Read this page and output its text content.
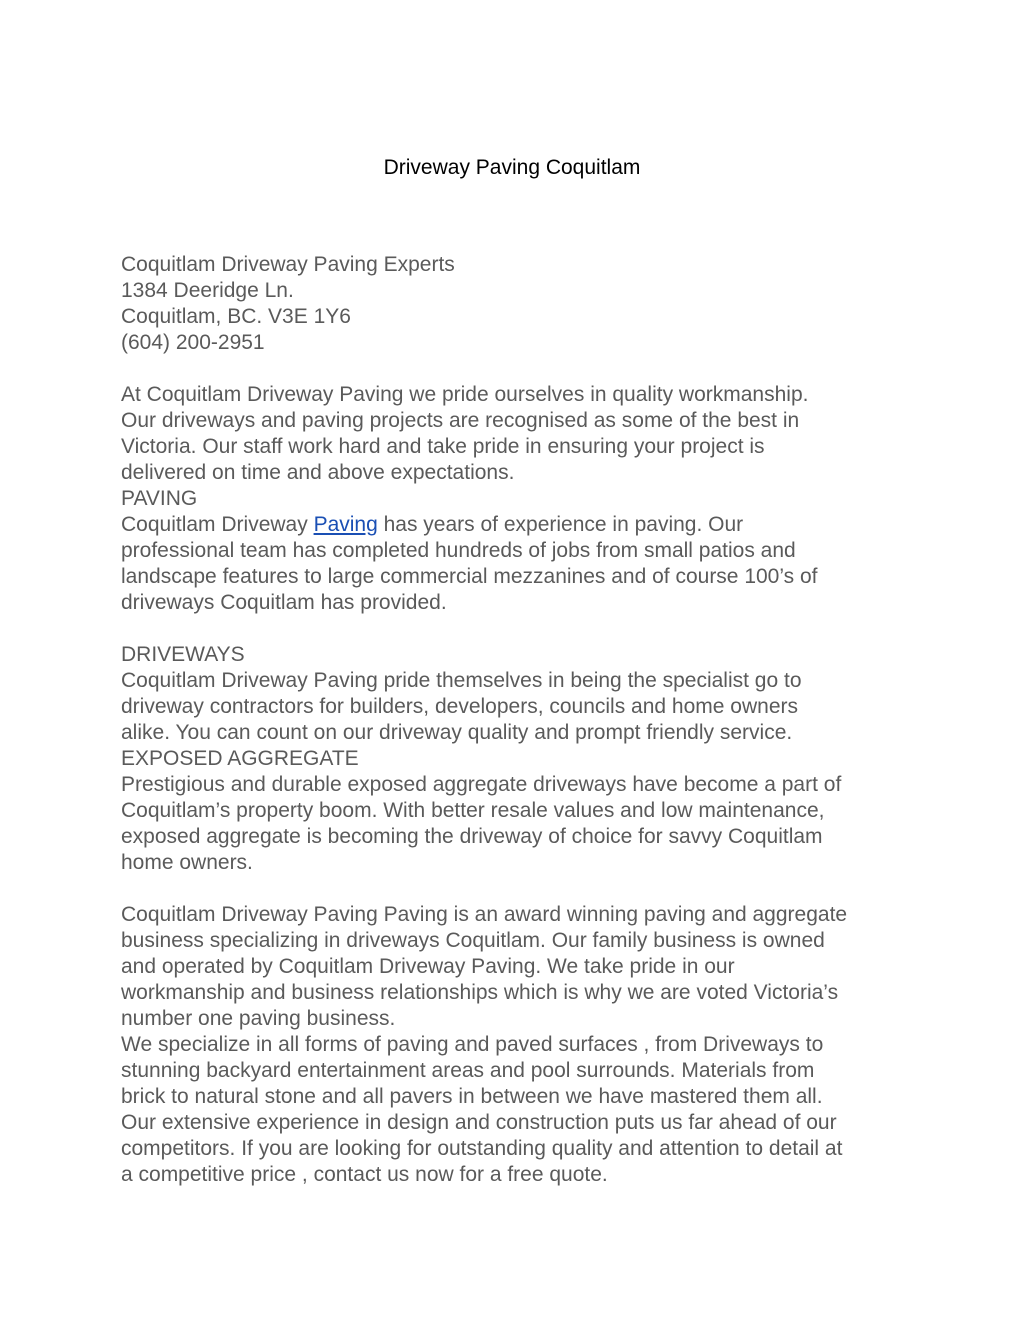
Driveway Paving Coquitlam
Coquitlam Driveway Paving Experts
1384 Deeridge Ln.
Coquitlam, BC. V3E 1Y6
(604) 200-2951
At Coquitlam Driveway Paving we pride ourselves in quality workmanship.
Our driveways and paving projects are recognised as some of the best in
Victoria. Our staff work hard and take pride in ensuring your project is
delivered on time and above expectations.
PAVING
Coquitlam Driveway Paving has years of experience in paving. Our
professional team has completed hundreds of jobs from small patios and
landscape features to large commercial mezzanines and of course 100’s of
driveways Coquitlam has provided.
DRIVEWAYS
Coquitlam Driveway Paving pride themselves in being the specialist go to
driveway contractors for builders, developers, councils and home owners
alike. You can count on our driveway quality and prompt friendly service.
EXPOSED AGGREGATE
Prestigious and durable exposed aggregate driveways have become a part of
Coquitlam’s property boom. With better resale values and low maintenance,
exposed aggregate is becoming the driveway of choice for savvy Coquitlam
home owners.
Coquitlam Driveway Paving Paving is an award winning paving and aggregate
business specializing in driveways Coquitlam. Our family business is owned
and operated by Coquitlam Driveway Paving. We take pride in our
workmanship and business relationships which is why we are voted Victoria’s
number one paving business.
We specialize in all forms of paving and paved surfaces , from Driveways to
stunning backyard entertainment areas and pool surrounds. Materials from
brick to natural stone and all pavers in between we have mastered them all.
Our extensive experience in design and construction puts us far ahead of our
competitors. If you are looking for outstanding quality and attention to detail at
a competitive price , contact us now for a free quote.
